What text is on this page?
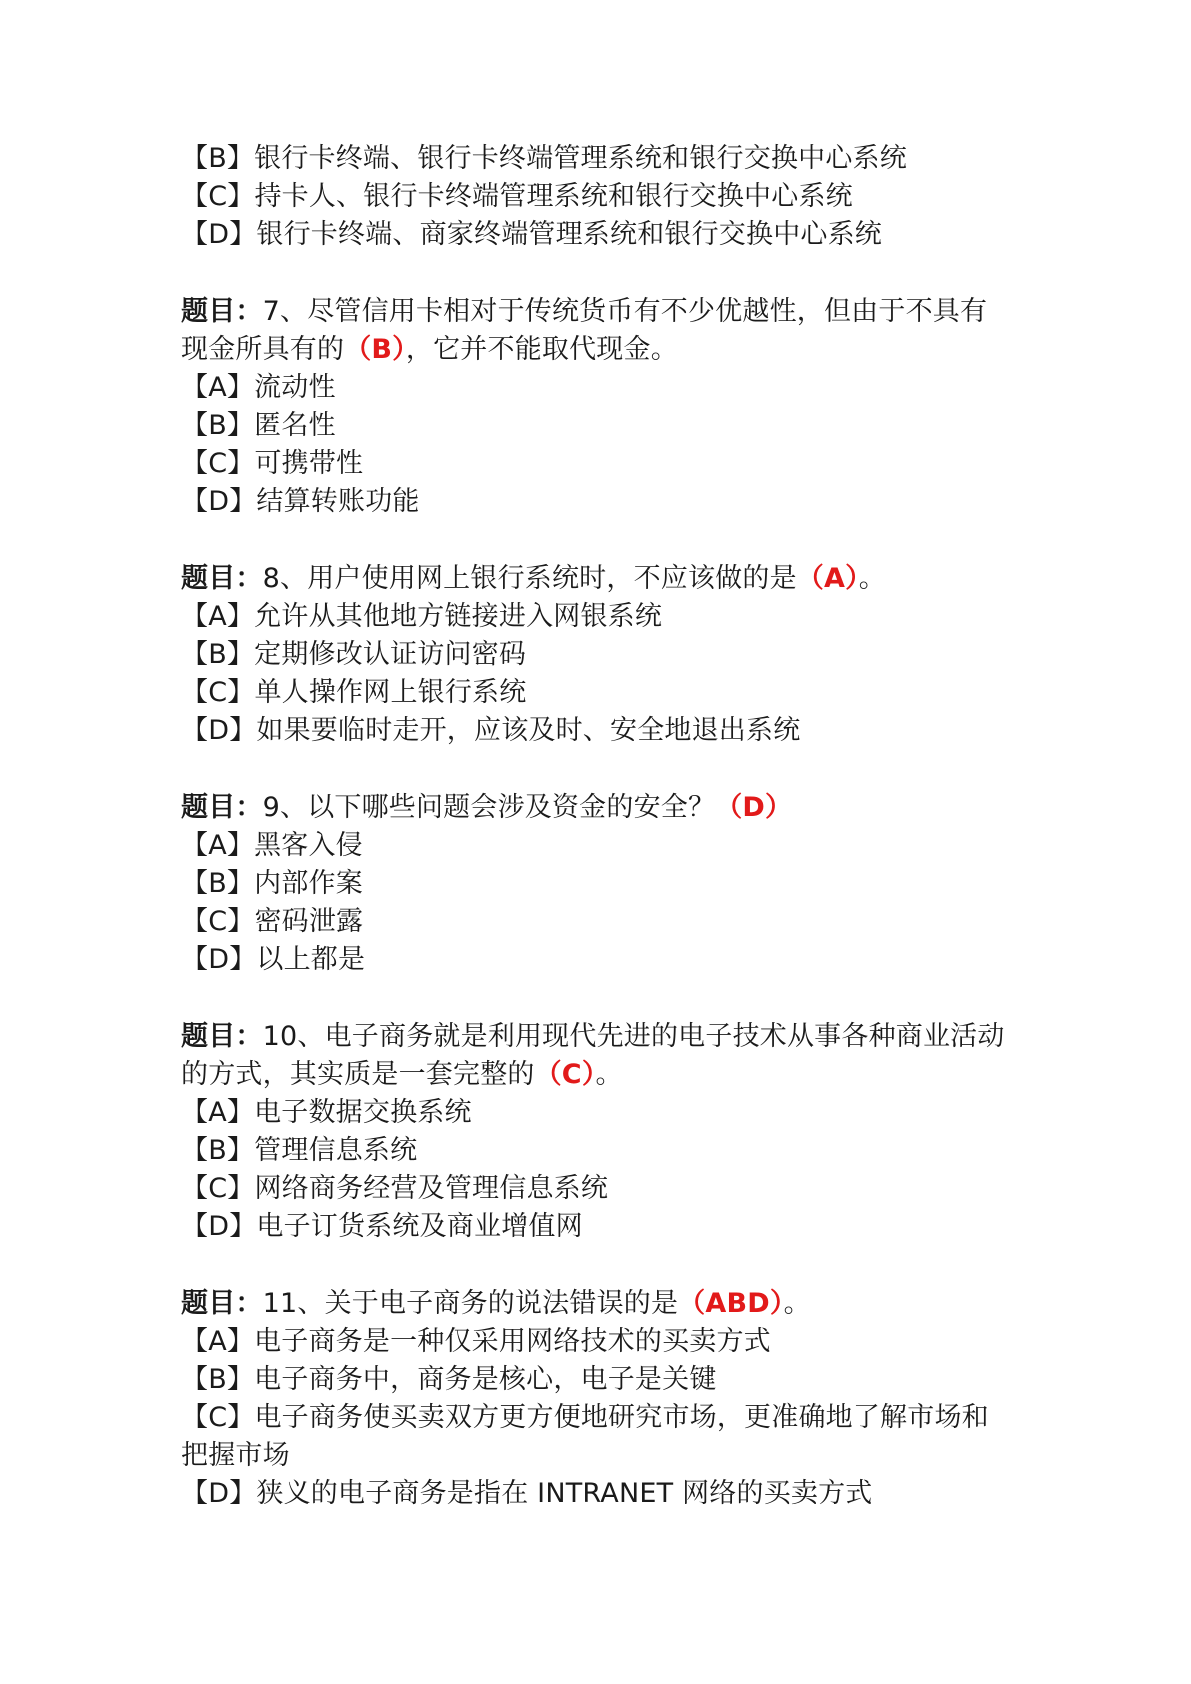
【B】银行卡终端、银行卡终端管理系统和银行交换中心系统
【C】持卡人、银行卡终端管理系统和银行交换中心系统
【D】银行卡终端、商家终端管理系统和银行交换中心系统
题目：7、尽管信用卡相对于传统货币有不少优越性，但由于不具有
现金所具有的（B），它并不能取代现金。
【A】流动性
【B】匿名性
【C】可携带性
【D】结算转账功能
题目：8、用户使用网上银行系统时，不应该做的是（A）。
【A】允许从其他地方链接进入网银系统
【B】定期修改认证访问密码
【C】单人操作网上银行系统
【D】如果要临时走开，应该及时、安全地退出系统
题目：9、以下哪些问题会涉及资金的安全？（D）
【A】黑客入侵
【B】内部作案
【C】密码泄露
【D】以上都是
题目：10、电子商务就是利用现代先进的电子技术从事各种商业活动
的方式，其实质是一套完整的（C）。
【A】电子数据交换系统
【B】管理信息系统
【C】网络商务经营及管理信息系统
【D】电子订货系统及商业增值网
题目：11、关于电子商务的说法错误的是（ABD）。
【A】电子商务是一种仅采用网络技术的买卖方式
【B】电子商务中，商务是核心，电子是关键
【C】电子商务使买卖双方更方便地研究市场，更准确地了解市场和
把握市场
【D】狭义的电子商务是指在 INTRANET 网络的买卖方式
